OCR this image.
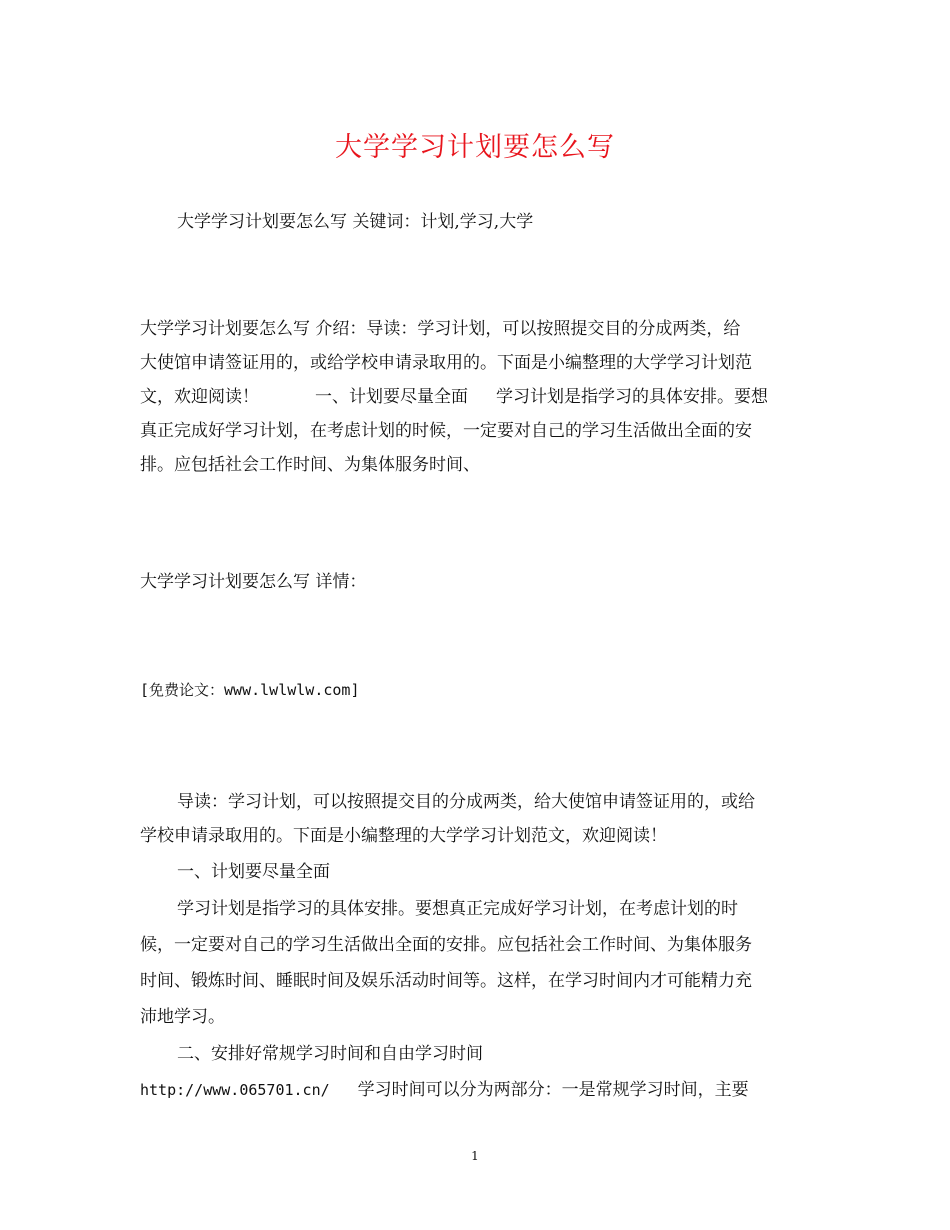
大学学习计划要怎么写
大学学习计划要怎么写 关键词：计划,学习,大学
大学学习计划要怎么写 介绍：导读：学习计划，可以按照提交目的分成两类，给
大使馆申请签证用的，或给学校申请录取用的。下面是小编整理的大学学习计划范
文，欢迎阅读！	一、计划要尽量全面 学习计划是指学习的具体安排。要想
真正完成好学习计划，在考虑计划的时候，一定要对自己的学习生活做出全面的安
排。应包括社会工作时间、为集体服务时间、
大学学习计划要怎么写 详情：
[免费论文：www.lwlwlw.com]
导读：学习计划，可以按照提交目的分成两类，给大使馆申请签证用的，或给
学校申请录取用的。下面是小编整理的大学学习计划范文，欢迎阅读！
一、计划要尽量全面
学习计划是指学习的具体安排。要想真正完成好学习计划，在考虑计划的时
候，一定要对自己的学习生活做出全面的安排。应包括社会工作时间、为集体服务
时间、锻炼时间、睡眠时间及娱乐活动时间等。这样，在学习时间内才可能精力充
沛地学习。
二、安排好常规学习时间和自由学习时间
http://www.065701.cn/ 学习时间可以分为两部分：一是常规学习时间，主要
1
